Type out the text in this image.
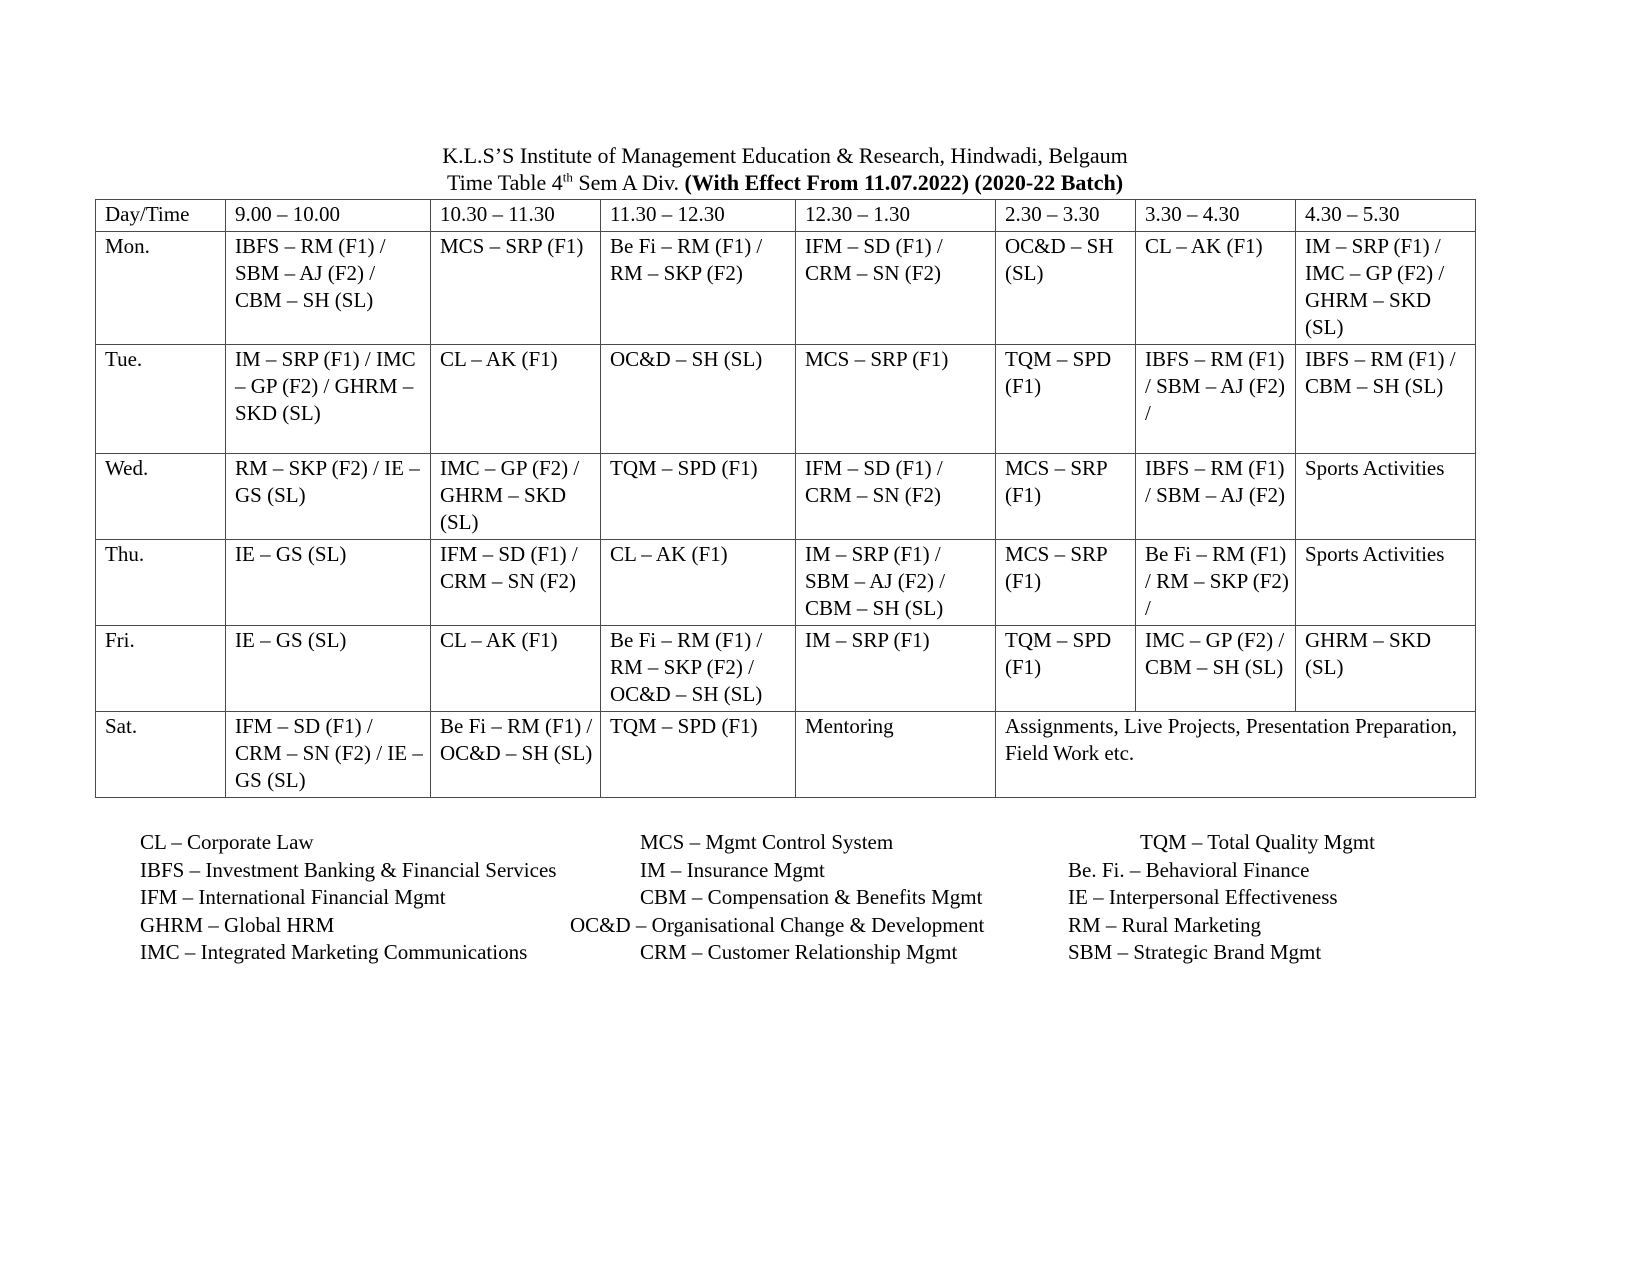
K.L.S’S Institute of Management Education & Research, Hindwadi, Belgaum
Time Table 4th Sem A Div. (With Effect From 11.07.2022) (2020-22 Batch)
Day/Time	9.00 – 10.00	10.30 – 11.30	11.30 – 12.30	12.30 – 1.30	2.30 – 3.30	3.30 – 4.30	4.30 – 5.30
Mon.	IBFS – RM (F1) / SBM – AJ (F2) / CBM – SH (SL)	MCS – SRP (F1)	Be Fi – RM (F1) / RM – SKP (F2)	IFM – SD (F1) / CRM – SN (F2)	OC&D – SH (SL)	CL – AK (F1)	IM – SRP (F1) / IMC – GP (F2) / GHRM – SKD (SL)
Tue.	IM – SRP (F1) / IMC – GP (F2) / GHRM – SKD (SL)	CL – AK (F1)	OC&D – SH (SL)	MCS – SRP (F1)	TQM – SPD (F1)	IBFS – RM (F1) / SBM – AJ (F2) /	IBFS – RM (F1) / CBM – SH (SL)
Wed.	RM – SKP (F2) / IE – GS (SL)	IMC – GP (F2) / GHRM – SKD (SL)	TQM – SPD (F1)	IFM – SD (F1) / CRM – SN (F2)	MCS – SRP (F1)	IBFS – RM (F1) / SBM – AJ (F2)	Sports Activities
Thu.	IE – GS (SL)	IFM – SD (F1) / CRM – SN (F2)	CL – AK (F1)	IM – SRP (F1) / SBM – AJ (F2) / CBM – SH (SL)	MCS – SRP (F1)	Be Fi – RM (F1) / RM – SKP (F2) /	Sports Activities
Fri.	IE – GS (SL)	CL – AK (F1)	Be Fi – RM (F1) / RM – SKP (F2) / OC&D – SH (SL)	IM – SRP (F1)	TQM – SPD (F1)	IMC – GP (F2) / CBM – SH (SL)	GHRM – SKD (SL)
Sat.	IFM – SD (F1) / CRM – SN (F2) / IE – GS (SL)	Be Fi – RM (F1) / OC&D – SH (SL)	TQM – SPD (F1)	Mentoring	Assignments, Live Projects, Presentation Preparation, Field Work etc.		
CL – Corporate Law
IBFS – Investment Banking & Financial Services
IFM – International Financial Mgmt
GHRM – Global HRM
IMC – Integrated Marketing Communications
MCS – Mgmt Control System
IM – Insurance Mgmt
CBM – Compensation & Benefits Mgmt
OC&D – Organisational Change & Development
CRM – Customer Relationship Mgmt
TQM – Total Quality Mgmt
Be. Fi. – Behavioral Finance
IE – Interpersonal Effectiveness
RM – Rural Marketing
SBM – Strategic Brand Mgmt
